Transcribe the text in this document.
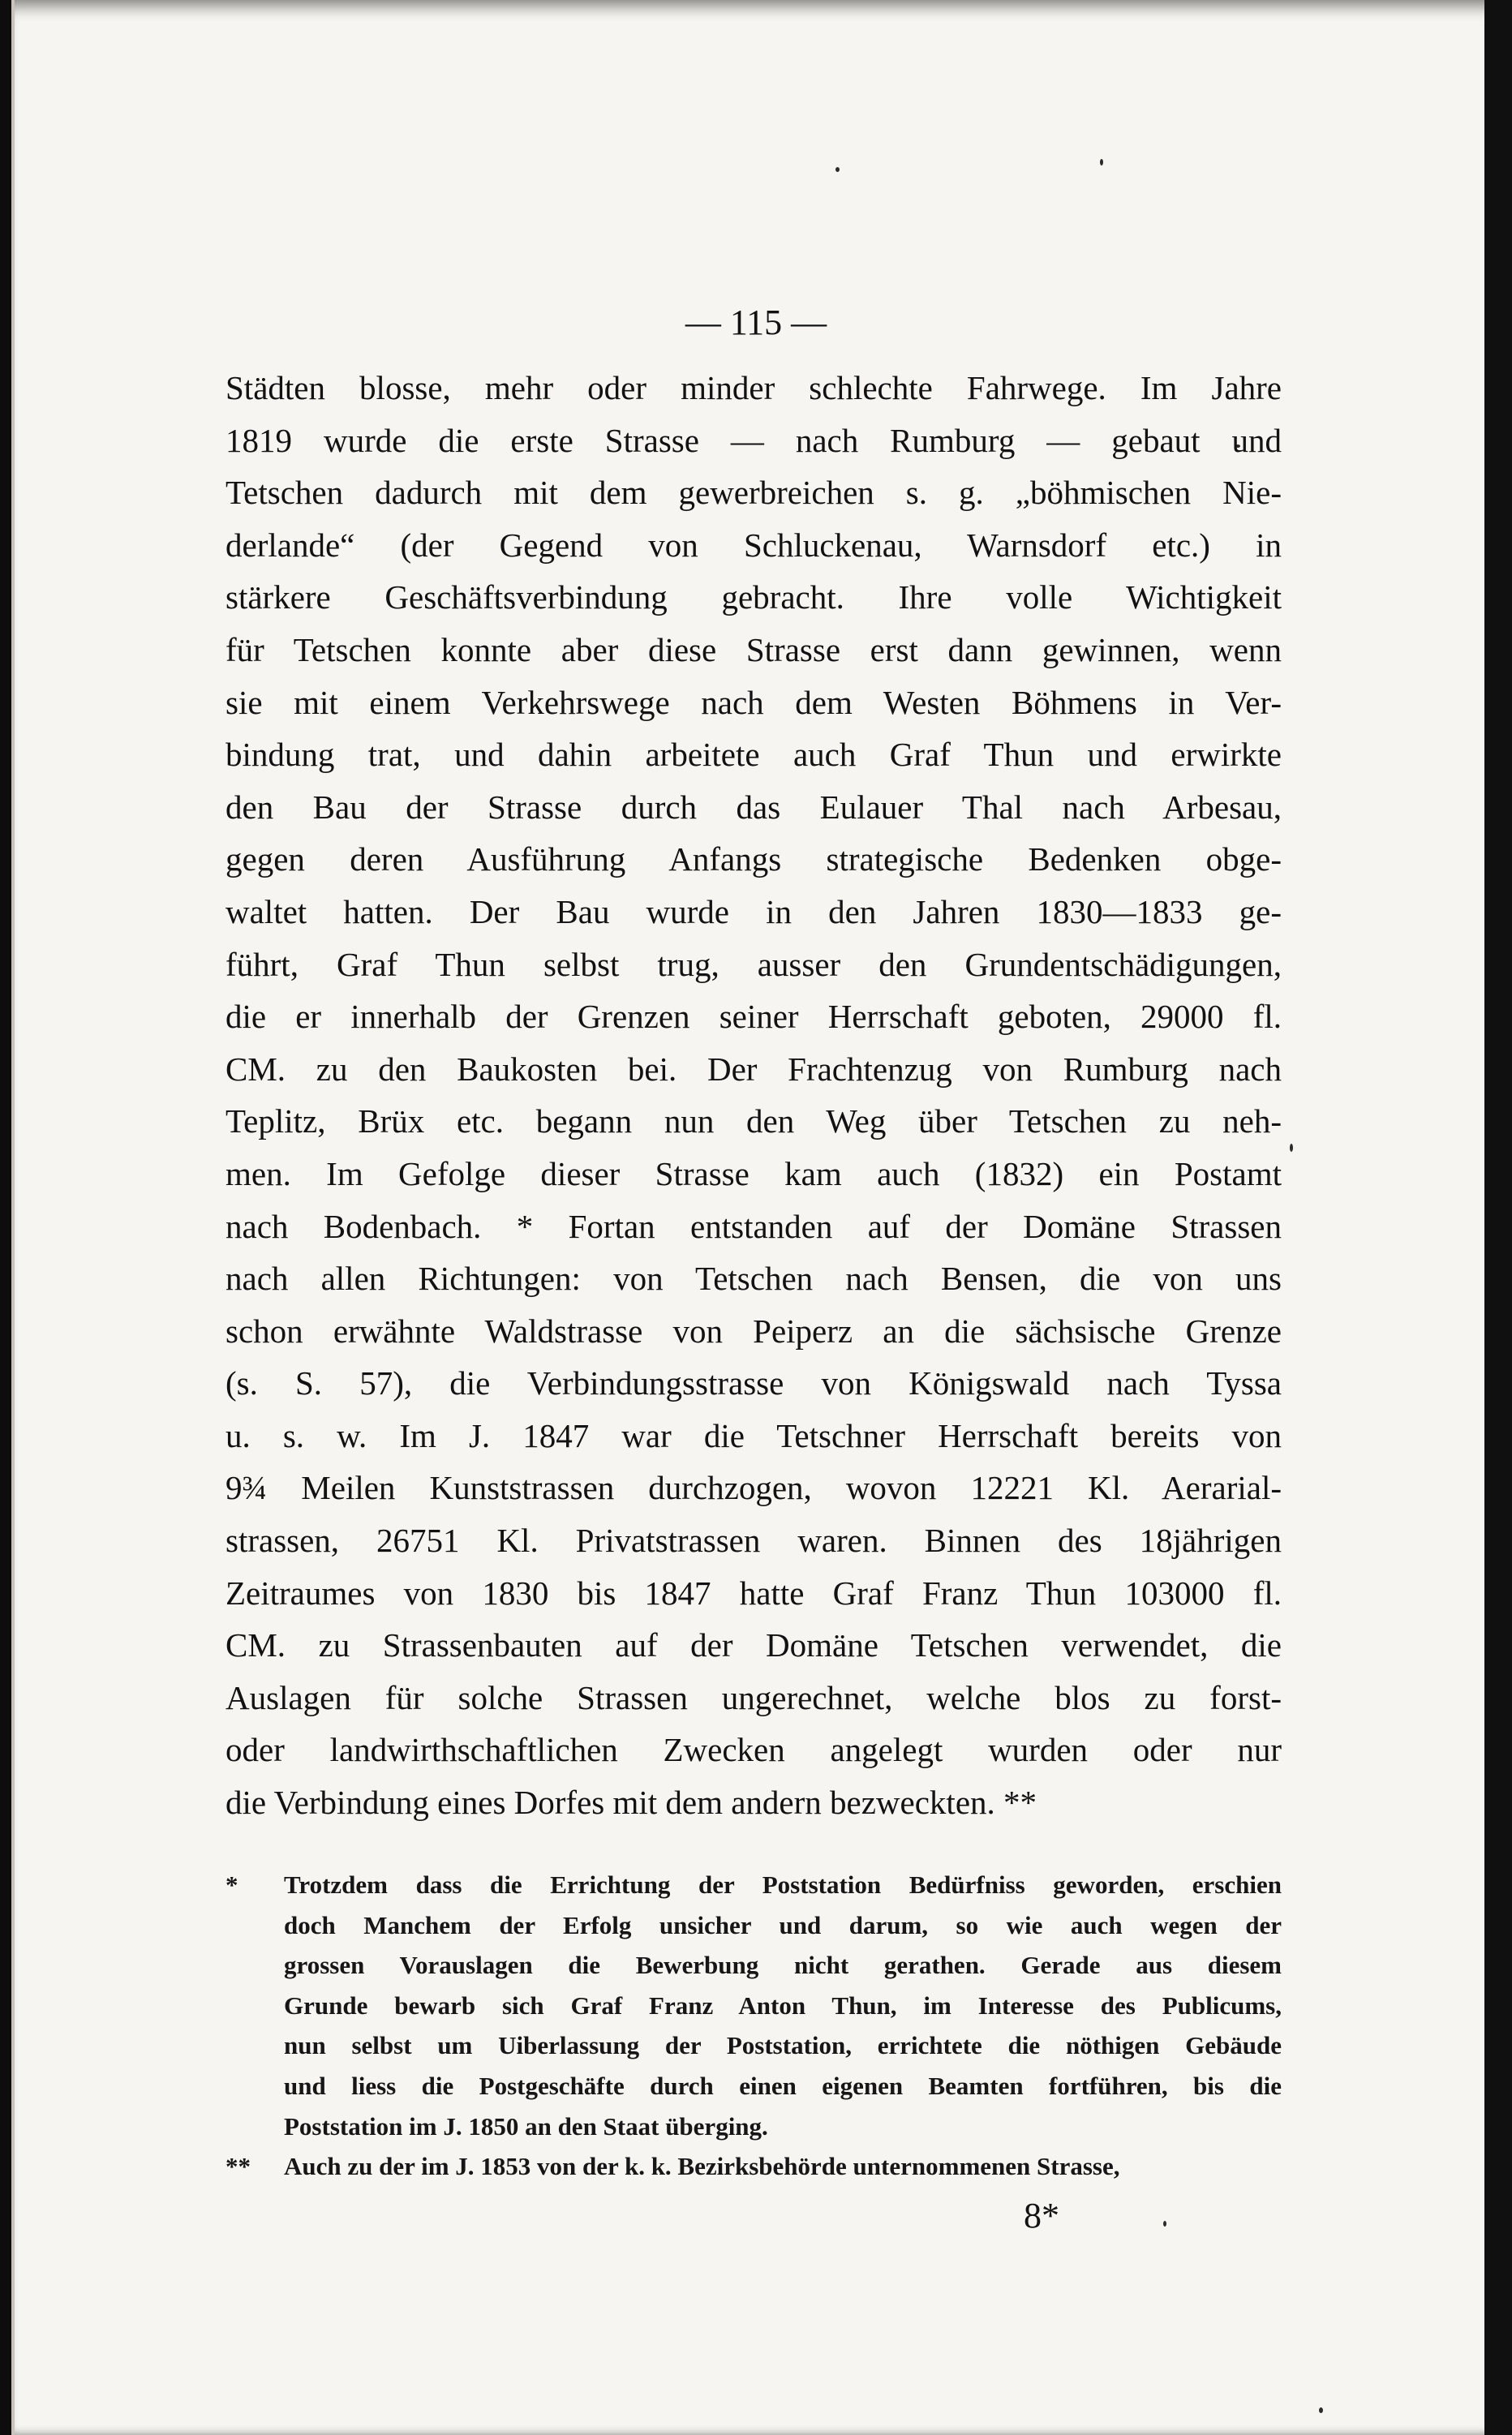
— 115 —
Städten blosse, mehr oder minder schlechte Fahrwege. Im Jahre
1819 wurde die erste Strasse — nach Rumburg — gebaut und
Tetschen dadurch mit dem gewerbreichen s. g. „böhmischen Nie-
derlande“ (der Gegend von Schluckenau, Warnsdorf etc.) in
stärkere Geschäftsverbindung gebracht. Ihre volle Wichtigkeit
für Tetschen konnte aber diese Strasse erst dann gewinnen, wenn
sie mit einem Verkehrswege nach dem Westen Böhmens in Ver-
bindung trat, und dahin arbeitete auch Graf Thun und erwirkte
den Bau der Strasse durch das Eulauer Thal nach Arbesau,
gegen deren Ausführung Anfangs strategische Bedenken obge-
waltet hatten. Der Bau wurde in den Jahren 1830—1833 ge-
führt, Graf Thun selbst trug, ausser den Grundentschädigungen,
die er innerhalb der Grenzen seiner Herrschaft geboten, 29000 fl.
CM. zu den Baukosten bei. Der Frachtenzug von Rumburg nach
Teplitz, Brüx etc. begann nun den Weg über Tetschen zu neh-
men. Im Gefolge dieser Strasse kam auch (1832) ein Postamt
nach Bodenbach. * Fortan entstanden auf der Domäne Strassen
nach allen Richtungen: von Tetschen nach Bensen, die von uns
schon erwähnte Waldstrasse von Peiperz an die sächsische Grenze
(s. S. 57), die Verbindungsstrasse von Königswald nach Tyssa
u. s. w. Im J. 1847 war die Tetschner Herrschaft bereits von
9¾ Meilen Kunststrassen durchzogen, wovon 12221 Kl. Aerarial-
strassen, 26751 Kl. Privatstrassen waren. Binnen des 18jährigen
Zeitraumes von 1830 bis 1847 hatte Graf Franz Thun 103000 fl.
CM. zu Strassenbauten auf der Domäne Tetschen verwendet, die
Auslagen für solche Strassen ungerechnet, welche blos zu forst-
oder landwirthschaftlichen Zwecken angelegt wurden oder nur
die Verbindung eines Dorfes mit dem andern bezweckten. **
* Trotzdem dass die Errichtung der Poststation Bedürfniss geworden, erschien
doch Manchem der Erfolg unsicher und darum, so wie auch wegen der
grossen Vorauslagen die Bewerbung nicht gerathen. Gerade aus diesem
Grunde bewarb sich Graf Franz Anton Thun, im Interesse des Publicums,
nun selbst um Uiberlassung der Poststation, errichtete die nöthigen Gebäude
und liess die Postgeschäfte durch einen eigenen Beamten fortführen, bis die
Poststation im J. 1850 an den Staat überging.
** Auch zu der im J. 1853 von der k. k. Bezirksbehörde unternommenen Strasse,
8*
